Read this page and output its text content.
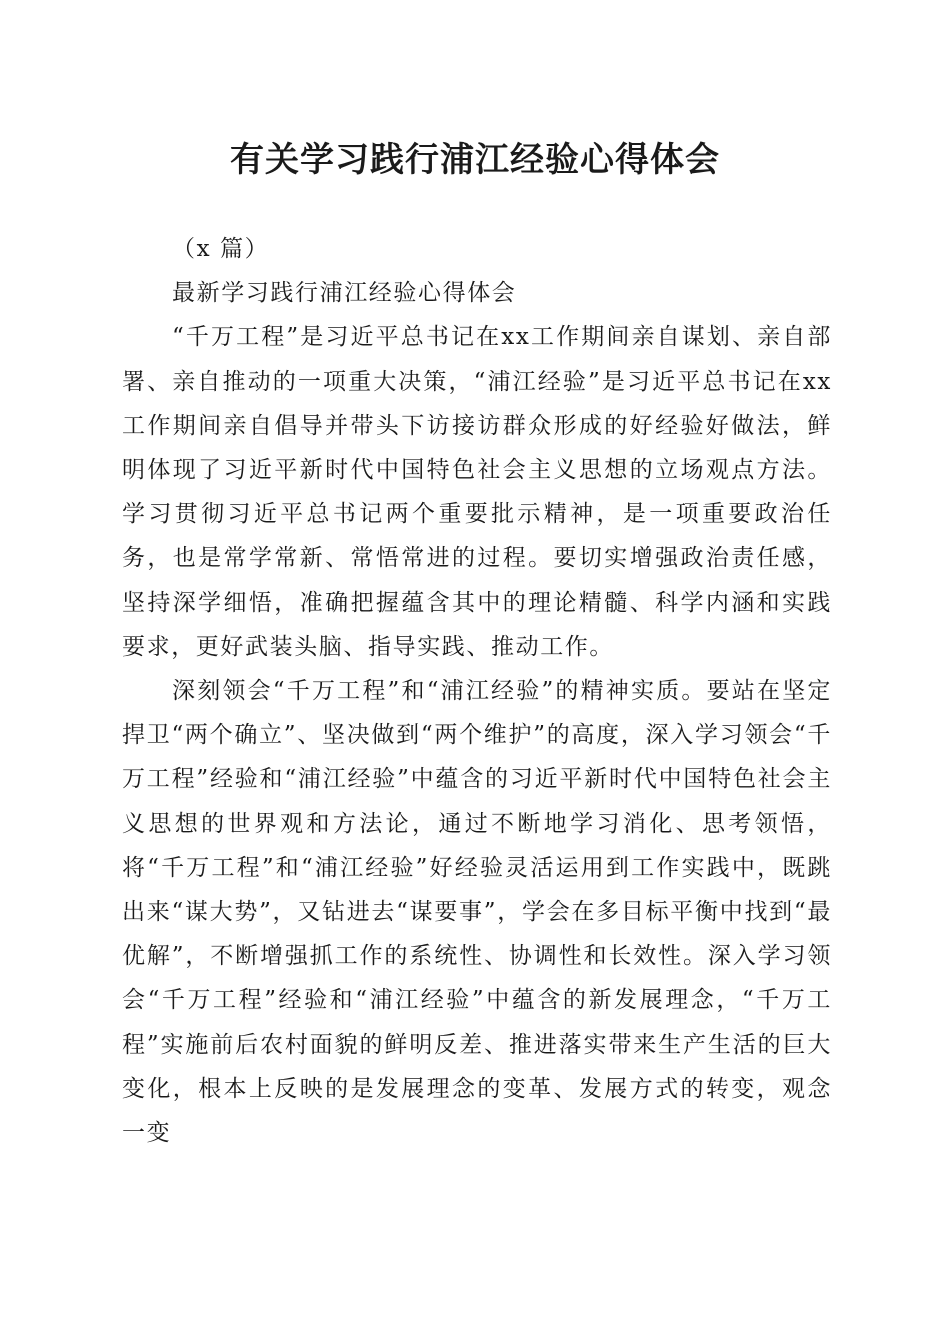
有关学习践行浦江经验心得体会

（x 篇）

最新学习践行浦江经验心得体会

“千万工程”是习近平总书记在xx工作期间亲自谋划、亲自部署、亲自推动的一项重大决策，“浦江经验”是习近平总书记在xx工作期间亲自倡导并带头下访接访群众形成的好经验好做法，鲜明体现了习近平新时代中国特色社会主义思想的立场观点方法。学习贯彻习近平总书记两个重要批示精神，是一项重要政治任务，也是常学常新、常悟常进的过程。要切实增强政治责任感，坚持深学细悟，准确把握蕴含其中的理论精髓、科学内涵和实践要求，更好武装头脑、指导实践、推动工作。

深刻领会“千万工程”和“浦江经验”的精神实质。要站在坚定捍卫“两个确立”、坚决做到“两个维护”的高度，深入学习领会“千万工程”经验和“浦江经验”中蕴含的习近平新时代中国特色社会主义思想的世界观和方法论，通过不断地学习消化、思考领悟，将“千万工程”和“浦江经验”好经验灵活运用到工作实践中，既跳出来“谋大势”，又钻进去“谋要事”，学会在多目标平衡中找到“最优解”，不断增强抓工作的系统性、协调性和长效性。深入学习领会“千万工程”经验和“浦江经验”中蕴含的新发展理念，“千万工程”实施前后农村面貌的鲜明反差、推进落实带来生产生活的巨大变化，根本上反映的是发展理念的变革、发展方式的转变，观念一变
